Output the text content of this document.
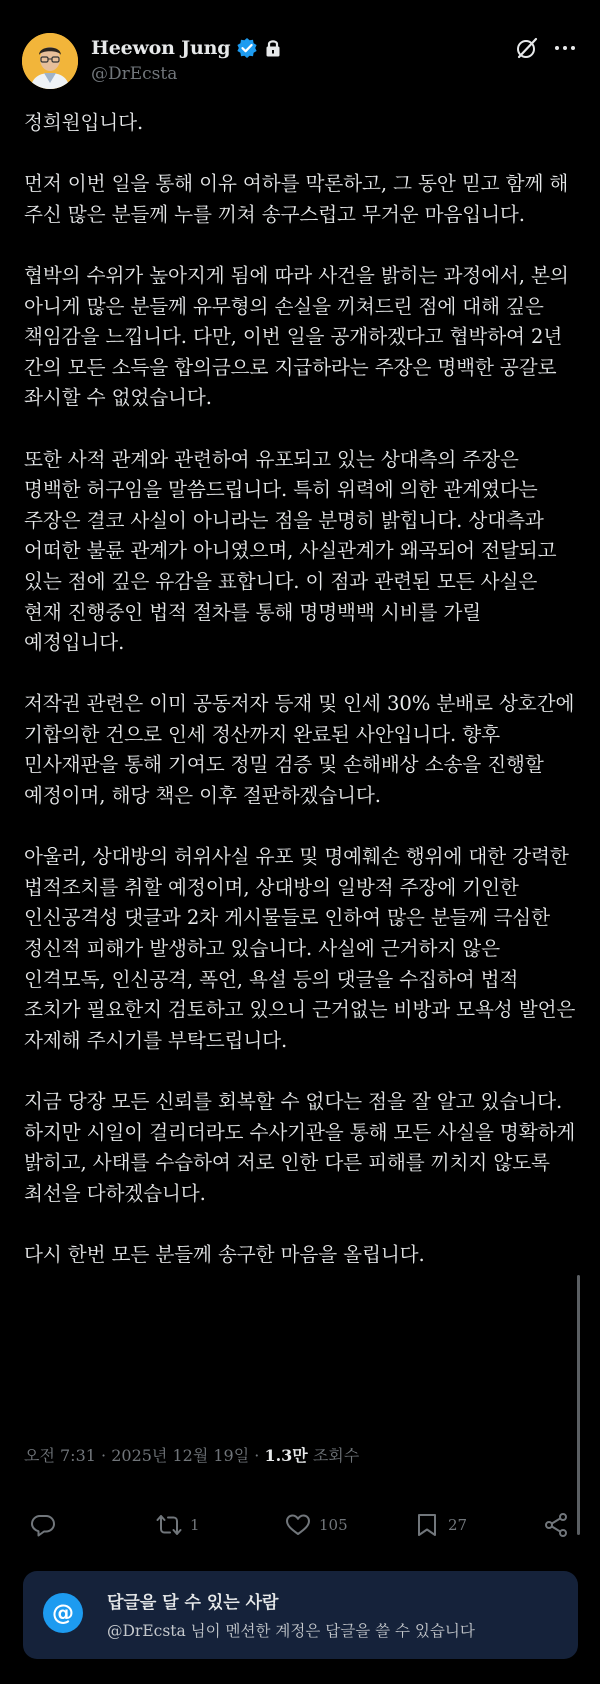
Heewon Jung
@DrEcsta

정희원입니다.

먼저 이번 일을 통해 이유 여하를 막론하고, 그 동안 믿고 함께 해 주신 많은 분들께 누를 끼쳐 송구스럽고 무거운 마음입니다.

협박의 수위가 높아지게 됨에 따라 사건을 밝히는 과정에서, 본의 아니게 많은 분들께 유무형의 손실을 끼쳐드린 점에 대해 깊은 책임감을 느낍니다. 다만, 이번 일을 공개하겠다고 협박하여 2년 간의 모든 소득을 합의금으로 지급하라는 주장은 명백한 공갈로 좌시할 수 없었습니다.

또한 사적 관계와 관련하여 유포되고 있는 상대측의 주장은 명백한 허구임을 말씀드립니다. 특히 위력에 의한 관계였다는 주장은 결코 사실이 아니라는 점을 분명히 밝힙니다. 상대측과 어떠한 불륜 관계가 아니였으며, 사실관계가 왜곡되어 전달되고 있는 점에 깊은 유감을 표합니다. 이 점과 관련된 모든 사실은 현재 진행중인 법적 절차를 통해 명명백백 시비를 가릴 예정입니다.

저작권 관련은 이미 공동저자 등재 및 인세 30% 분배로 상호간에 기합의한 건으로 인세 정산까지 완료된 사안입니다. 향후 민사재판을 통해 기여도 정밀 검증 및 손해배상 소송을 진행할 예정이며, 해당 책은 이후 절판하겠습니다.

아울러, 상대방의 허위사실 유포 및 명예훼손 행위에 대한 강력한 법적조치를 취할 예정이며, 상대방의 일방적 주장에 기인한 인신공격성 댓글과 2차 게시물들로 인하여 많은 분들께 극심한 정신적 피해가 발생하고 있습니다. 사실에 근거하지 않은 인격모독, 인신공격, 폭언, 욕설 등의 댓글을 수집하여 법적 조치가 필요한지 검토하고 있으니 근거없는 비방과 모욕성 발언은 자제해 주시기를 부탁드립니다.

지금 당장 모든 신뢰를 회복할 수 없다는 점을 잘 알고 있습니다. 하지만 시일이 걸리더라도 수사기관을 통해 모든 사실을 명확하게 밝히고, 사태를 수습하여 저로 인한 다른 피해를 끼치지 않도록 최선을 다하겠습니다.

다시 한번 모든 분들께 송구한 마음을 올립니다.

오전 7:31 · 2025년 12월 19일 · 1.3만 조회수
1	105	27
@	답글을 달 수 있는 사람
@DrEcsta 님이 멘션한 계정은 답글을 쓸 수 있습니다
